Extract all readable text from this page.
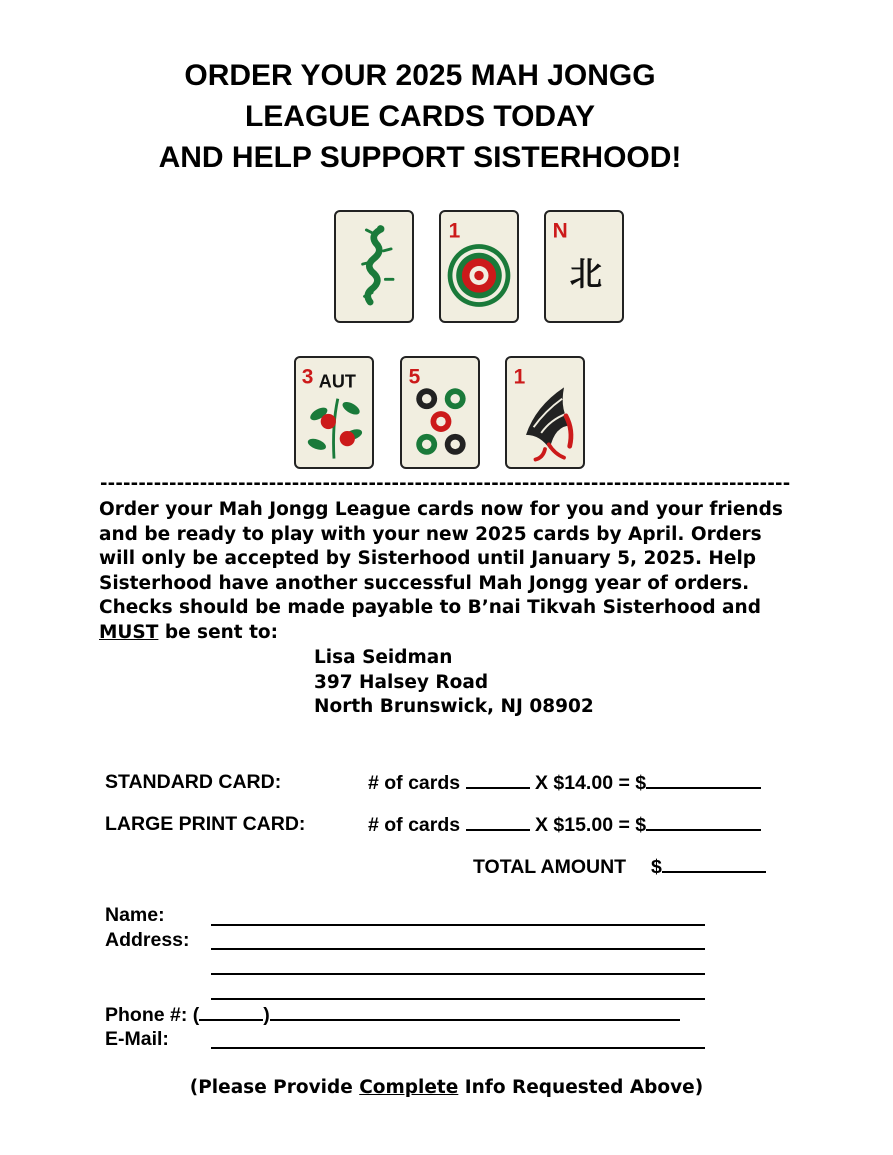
ORDER YOUR 2025 MAH JONGG
LEAGUE CARDS TODAY
AND HELP SUPPORT SISTERHOOD!
1	N
北
3 AUT 5	1
------------------------------------------------------------------------------------------
Order your Mah Jongg League cards now for you and your friends
and be ready to play with your new 2025 cards by April. Orders
will only be accepted by Sisterhood until January 5, 2025. Help
Sisterhood have another successful Mah Jongg year of orders.
Checks should be made payable to B’nai Tikvah Sisterhood and
MUST be sent to:
Lisa Seidman
397 Halsey Road
North Brunswick, NJ 08902
STANDARD CARD:	# of cards	X $14.00 = $
LARGE PRINT CARD:	# of cards	X $15.00 = $
TOTAL AMOUNT $
Name:
Address:
Phone #: (	)
E-Mail:
(Please Provide Complete Info Requested Above)
